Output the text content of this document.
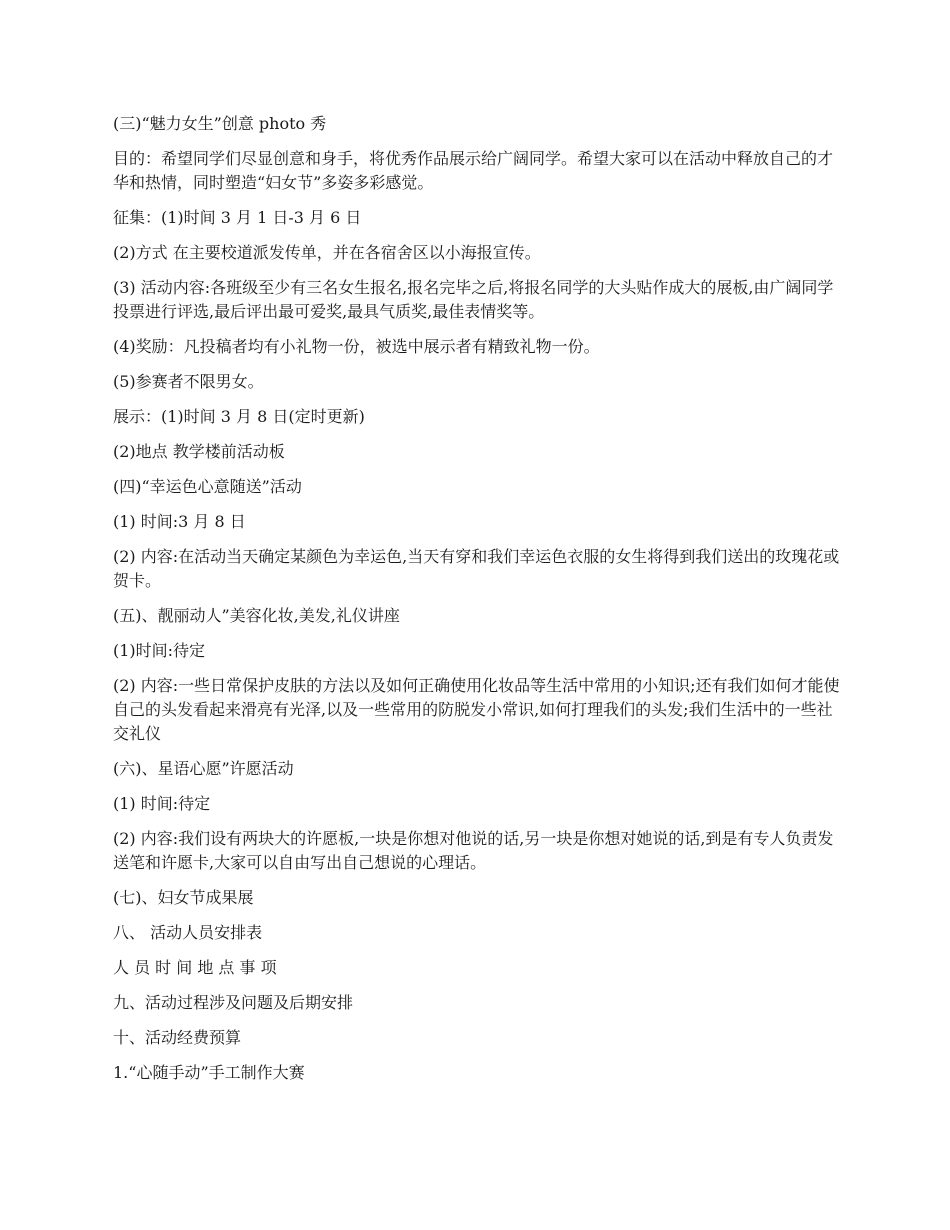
(三)“魅力女生”创意 photo 秀

目的：希望同学们尽显创意和身手，将优秀作品展示给广阔同学。希望大家可以在活动中释放自己的才华和热情，同时塑造“妇女节”多姿多彩感觉。

征集：(1)时间 3 月 1 日-3 月 6 日

(2)方式 在主要校道派发传单，并在各宿舍区以小海报宣传。

(3) 活动内容:各班级至少有三名女生报名,报名完毕之后,将报名同学的大头贴作成大的展板,由广阔同学投票进行评选,最后评出最可爱奖,最具气质奖,最佳表情奖等。

(4)奖励：凡投稿者均有小礼物一份，被选中展示者有精致礼物一份。

(5)参赛者不限男女。

展示：(1)时间 3 月 8 日(定时更新)

(2)地点 教学楼前活动板

(四)“幸运色心意随送”活动

(1) 时间:3 月 8 日

(2) 内容:在活动当天确定某颜色为幸运色,当天有穿和我们幸运色衣服的女生将得到我们送出的玫瑰花或贺卡。

(五)、靓丽动人”美容化妆,美发,礼仪讲座

(1)时间:待定

(2) 内容:一些日常保护皮肤的方法以及如何正确使用化妆品等生活中常用的小知识;还有我们如何才能使自己的头发看起来滑亮有光泽,以及一些常用的防脱发小常识,如何打理我们的头发;我们生活中的一些社交礼仪

(六)、星语心愿”许愿活动

(1) 时间:待定

(2) 内容:我们设有两块大的许愿板,一块是你想对他说的话,另一块是你想对她说的话,到是有专人负责发送笔和许愿卡,大家可以自由写出自己想说的心理话。

(七)、妇女节成果展

八、 活动人员安排表

人 员 时 间 地 点 事 项

九、活动过程涉及问题及后期安排

十、活动经费预算

1.“心随手动”手工制作大赛
